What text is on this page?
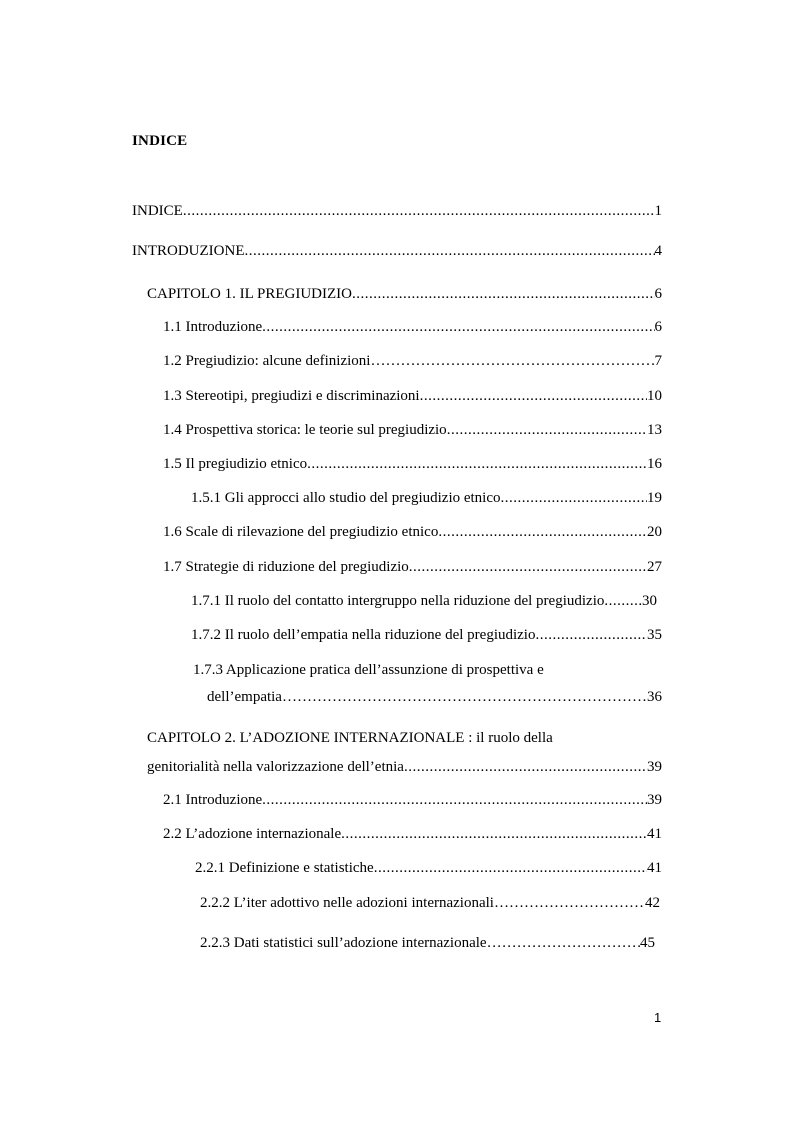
INDICE
INDICE .....	1
INTRODUZIONE .....	4
CAPITOLO 1. IL PREGIUDIZIO .....	6
1.1 Introduzione .....	6
1.2 Pregiudizio: alcune definizioni ……………………………………………………………………………………………………………………………………	7
1.3 Stereotipi, pregiudizi e discriminazioni .....	10
1.4 Prospettiva storica: le teorie sul pregiudizio .....	13
1.5 Il pregiudizio etnico .....	16
1.5.1 Gli approcci allo studio del pregiudizio etnico .....	19
1.6 Scale di rilevazione del pregiudizio etnico .....	20
1.7 Strategie di riduzione del pregiudizio .....	27
1.7.1 Il ruolo del contatto intergruppo nella riduzione del pregiudizio .....	30
1.7.2 Il ruolo dell’empatia nella riduzione del pregiudizio .....	35
1.7.3 Applicazione pratica dell’assunzione di prospettiva e
dell’empatia ……………………………………………………………………………………………………………………………………	36
CAPITOLO 2. L’ADOZIONE INTERNAZIONALE : il ruolo della
genitorialità nella valorizzazione dell’etnia .....	39
2.1 Introduzione .....	39
2.2 L’adozione internazionale .....	41
2.2.1 Definizione e statistiche .....	41
2.2.2 L’iter adottivo nelle adozioni internazionali ……………………………………………………………………………………………………………………………………	42
2.2.3 Dati statistici sull’adozione internazionale ……………………………………………………………………………………………………………………………………	45
1
